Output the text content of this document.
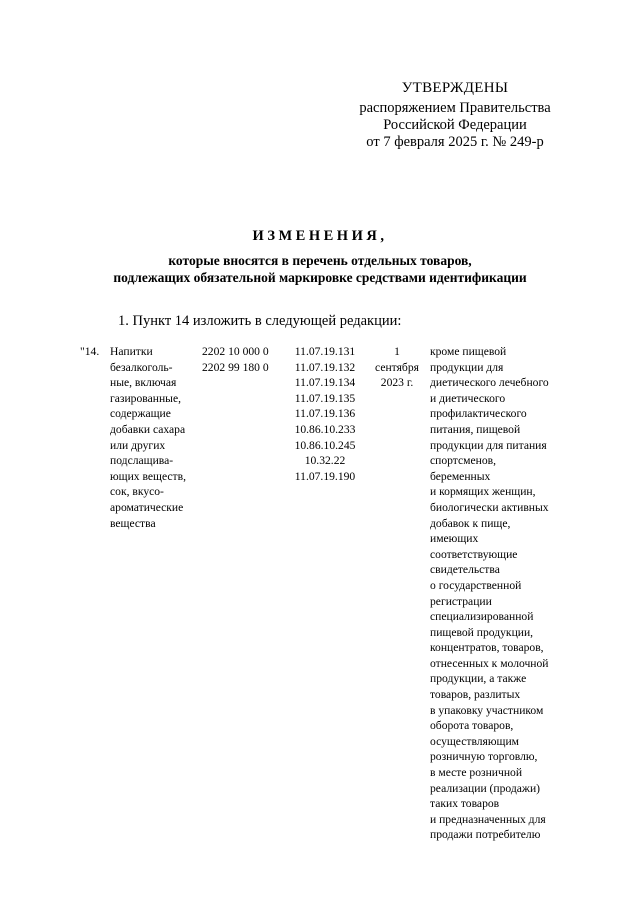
УТВЕРЖДЕНЫ
распоряжением Правительства
Российской Федерации
от 7 февраля 2025 г. № 249-р
ИЗМЕНЕНИЯ,
которые вносятся в перечень отдельных товаров,
подлежащих обязательной маркировке средствами идентификации
1. Пункт 14 изложить в следующей редакции:
"14. Напитки
безалкоголь-
ные, включая
газированные,
содержащие
добавки сахара
или других
подслащива-
ющих веществ,
сок, вкусо-
ароматические
вещества
2202 10 000 0
2202 99 180 0
11.07.19.131
11.07.19.132
11.07.19.134
11.07.19.135
11.07.19.136
10.86.10.233
10.86.10.245
10.32.22
11.07.19.190
1
сентября
2023 г.
кроме пищевой
продукции для
диетического лечебного
и диетического
профилактического
питания, пищевой
продукции для питания
спортсменов,
беременных
и кормящих женщин,
биологически активных
добавок к пище,
имеющих
соответствующие
свидетельства
о государственной
регистрации
специализированной
пищевой продукции,
концентратов, товаров,
отнесенных к молочной
продукции, а также
товаров, разлитых
в упаковку участником
оборота товаров,
осуществляющим
розничную торговлю,
в месте розничной
реализации (продажи)
таких товаров
и предназначенных для
продажи потребителю
